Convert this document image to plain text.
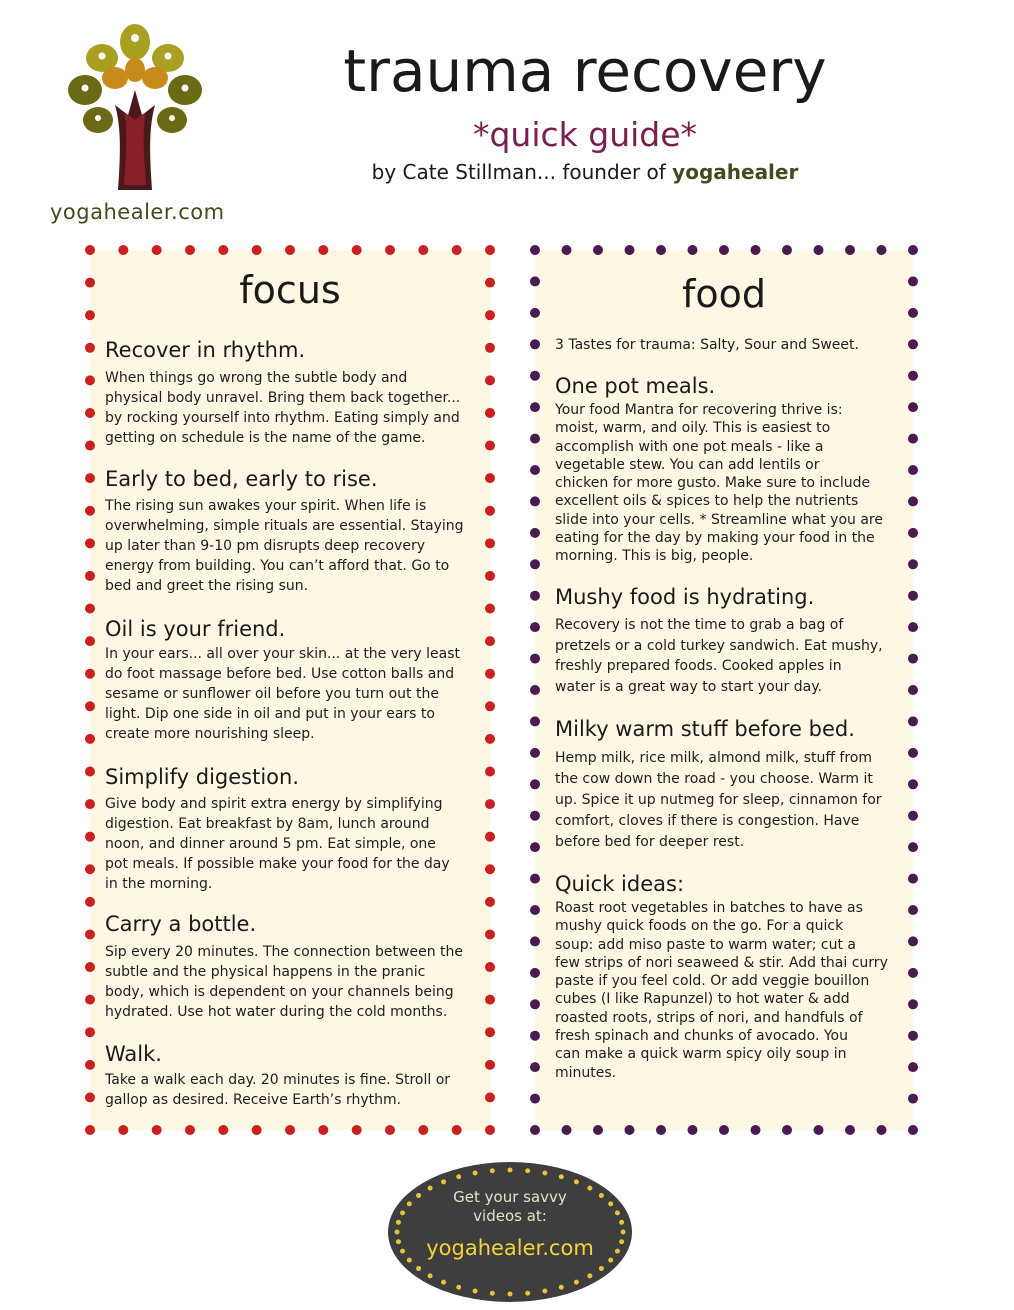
yogahealer.com
trauma recovery
*quick guide*
by Cate Stillman... founder of yogahealer
focus
Recover in rhythm.
When things go wrong the subtle body and
physical body unravel. Bring them back together...
by rocking yourself into rhythm. Eating simply and
getting on schedule is the name of the game.
Early to bed, early to rise.
The rising sun awakes your spirit. When life is
overwhelming, simple rituals are essential. Staying
up later than 9-10 pm disrupts deep recovery
energy from building. You can’t afford that. Go to
bed and greet the rising sun.
Oil is your friend.
In your ears... all over your skin... at the very least
do foot massage before bed. Use cotton balls and
sesame or sunflower oil before you turn out the
light. Dip one side in oil and put in your ears to
create more nourishing sleep.
Simplify digestion.
Give body and spirit extra energy by simplifying
digestion. Eat breakfast by 8am, lunch around
noon, and dinner around 5 pm. Eat simple, one
pot meals. If possible make your food for the day
in the morning.
Carry a bottle.
Sip every 20 minutes. The connection between the
subtle and the physical happens in the pranic
body, which is dependent on your channels being
hydrated. Use hot water during the cold months.
Walk.
Take a walk each day. 20 minutes is fine. Stroll or
gallop as desired. Receive Earth’s rhythm.
food
3 Tastes for trauma: Salty, Sour and Sweet.
One pot meals.
Your food Mantra for recovering thrive is:
moist, warm, and oily. This is easiest to
accomplish with one pot meals - like a
vegetable stew. You can add lentils or
chicken for more gusto. Make sure to include
excellent oils & spices to help the nutrients
slide into your cells. * Streamline what you are
eating for the day by making your food in the
morning. This is big, people.
Mushy food is hydrating.
Recovery is not the time to grab a bag of
pretzels or a cold turkey sandwich. Eat mushy,
freshly prepared foods. Cooked apples in
water is a great way to start your day.
Milky warm stuff before bed.
Hemp milk, rice milk, almond milk, stuff from
the cow down the road - you choose. Warm it
up. Spice it up nutmeg for sleep, cinnamon for
comfort, cloves if there is congestion. Have
before bed for deeper rest.
Quick ideas:
Roast root vegetables in batches to have as
mushy quick foods on the go. For a quick
soup: add miso paste to warm water; cut a
few strips of nori seaweed & stir. Add thai curry
paste if you feel cold. Or add veggie bouillon
cubes (I like Rapunzel) to hot water & add
roasted roots, strips of nori, and handfuls of
fresh spinach and chunks of avocado. You
can make a quick warm spicy oily soup in
minutes.
Get your savvy
videos at:
yogahealer.com
